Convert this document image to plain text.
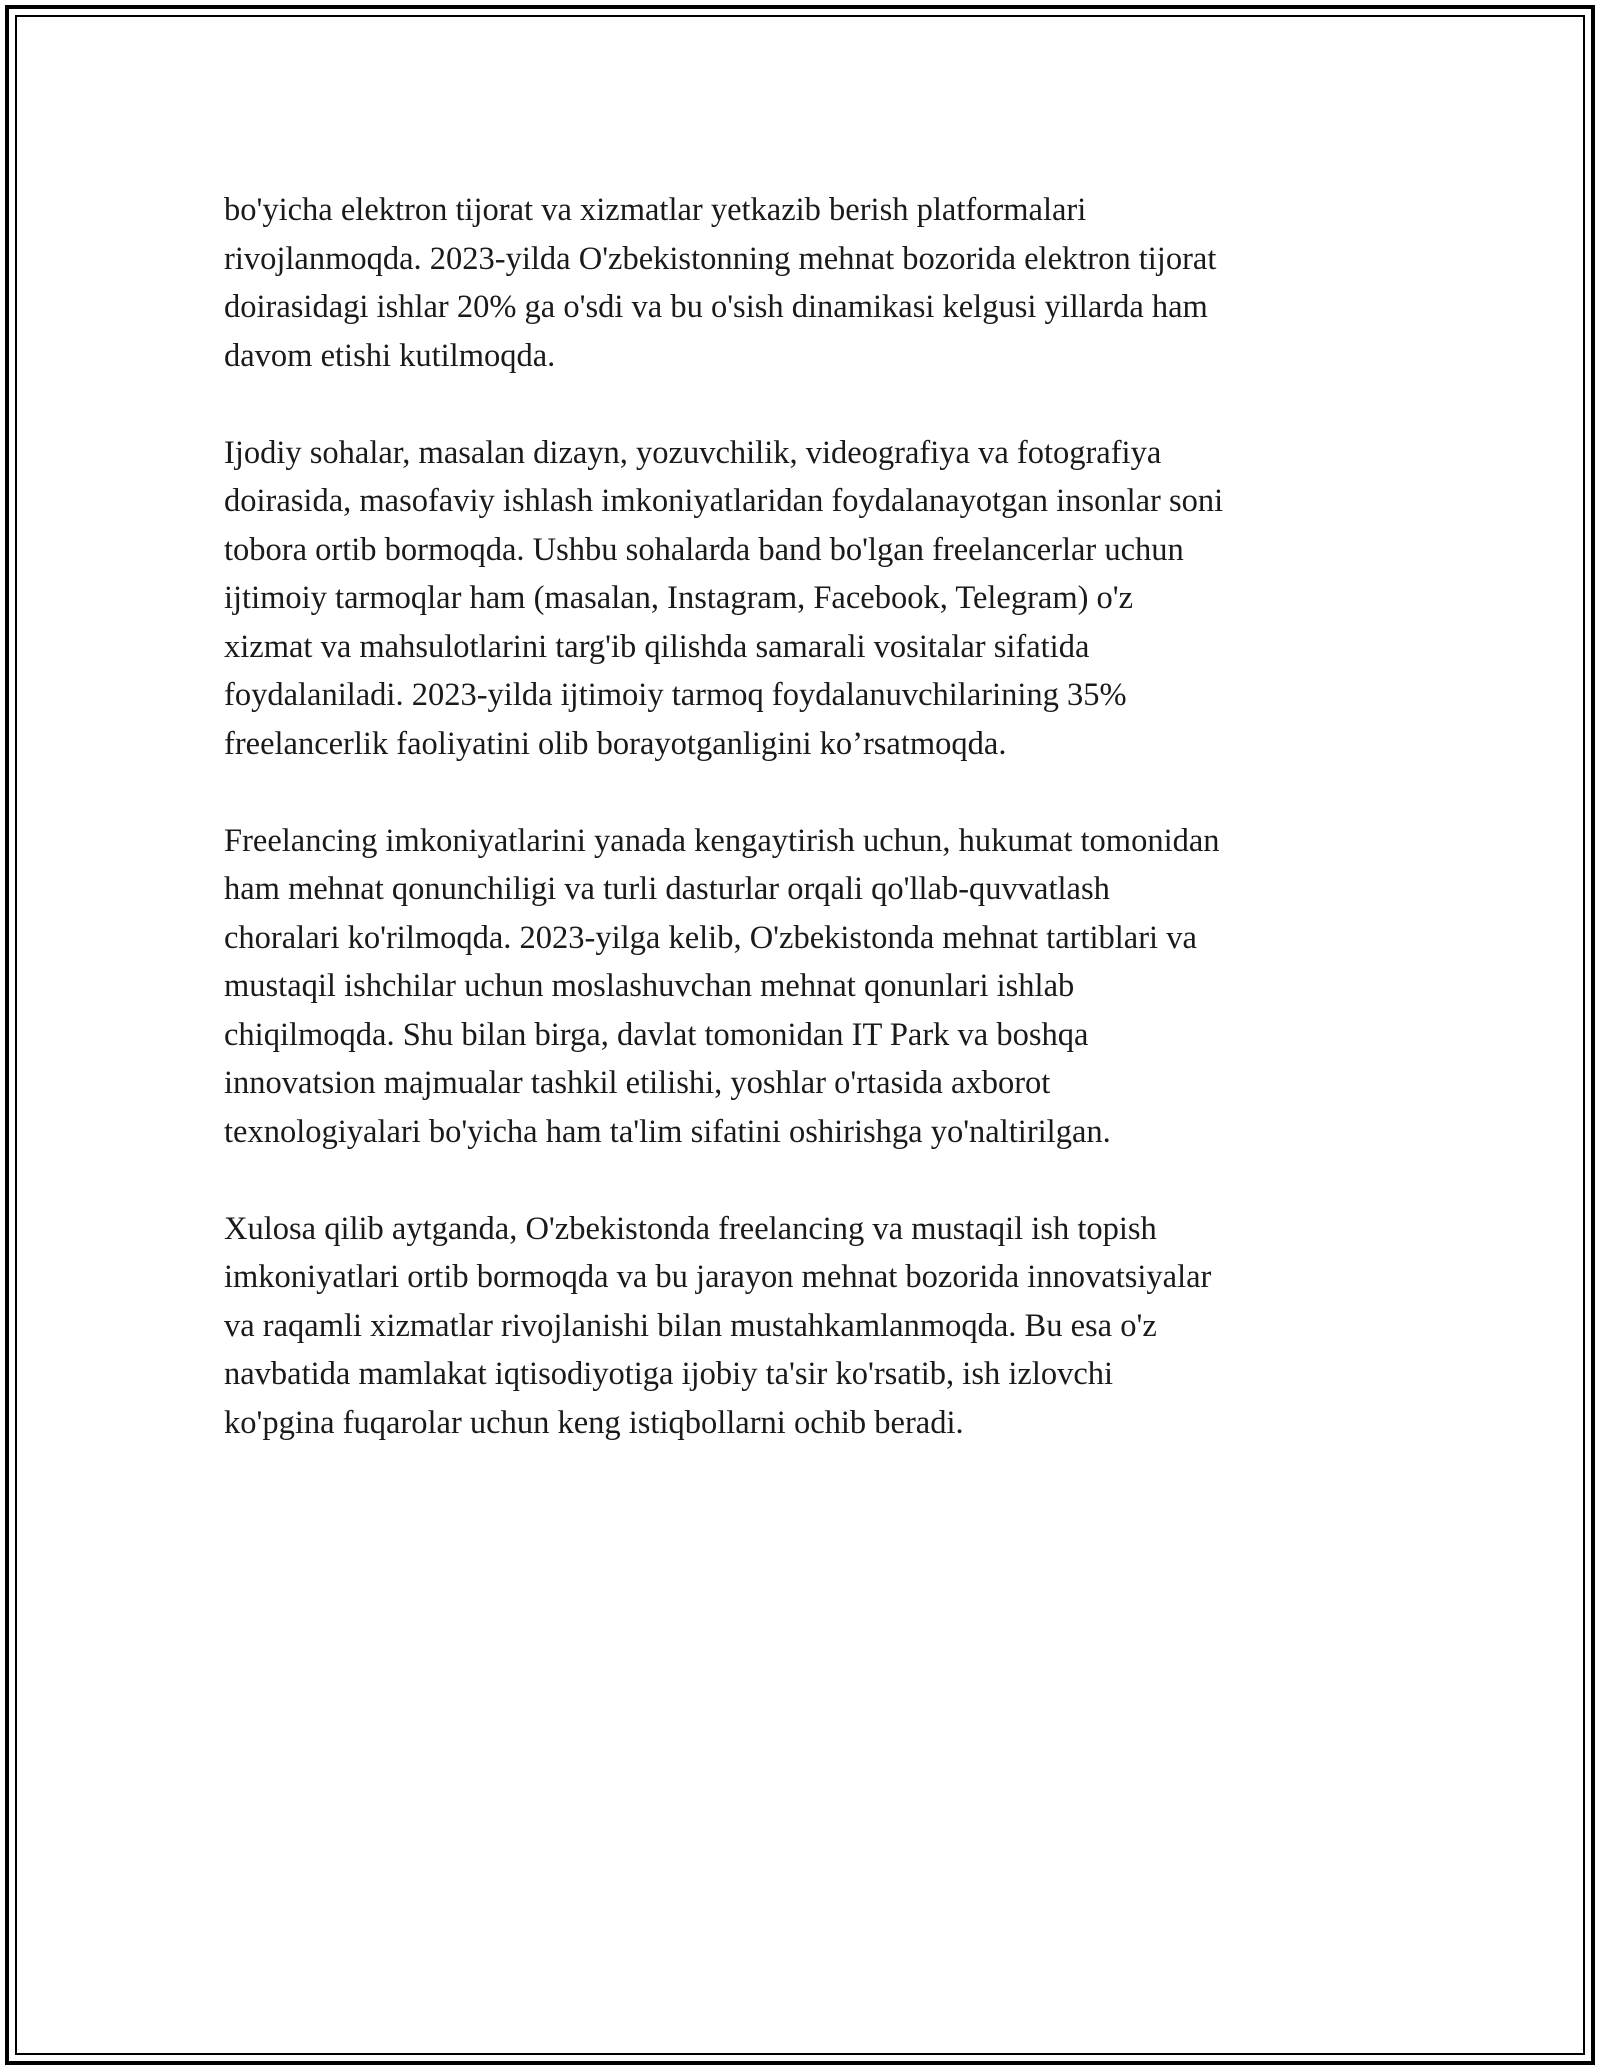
bo'yicha elektron tijorat va xizmatlar yetkazib berish platformalari
rivojlanmoqda. 2023-yilda O'zbekistonning mehnat bozorida elektron tijorat
doirasidagi ishlar 20% ga o'sdi va bu o'sish dinamikasi kelgusi yillarda ham
davom etishi kutilmoqda.
Ijodiy sohalar, masalan dizayn, yozuvchilik, videografiya va fotografiya
doirasida, masofaviy ishlash imkoniyatlaridan foydalanayotgan insonlar soni
tobora ortib bormoqda. Ushbu sohalarda band bo'lgan freelancerlar uchun
ijtimoiy tarmoqlar ham (masalan, Instagram, Facebook, Telegram) o'z
xizmat va mahsulotlarini targ'ib qilishda samarali vositalar sifatida
foydalaniladi. 2023-yilda ijtimoiy tarmoq foydalanuvchilarining 35%
freelancerlik faoliyatini olib borayotganligini ko’rsatmoqda.
Freelancing imkoniyatlarini yanada kengaytirish uchun, hukumat tomonidan
ham mehnat qonunchiligi va turli dasturlar orqali qo'llab-quvvatlash
choralari ko'rilmoqda. 2023-yilga kelib, O'zbekistonda mehnat tartiblari va
mustaqil ishchilar uchun moslashuvchan mehnat qonunlari ishlab
chiqilmoqda. Shu bilan birga, davlat tomonidan IT Park va boshqa
innovatsion majmualar tashkil etilishi, yoshlar o'rtasida axborot
texnologiyalari bo'yicha ham ta'lim sifatini oshirishga yo'naltirilgan.
Xulosa qilib aytganda, O'zbekistonda freelancing va mustaqil ish topish
imkoniyatlari ortib bormoqda va bu jarayon mehnat bozorida innovatsiyalar
va raqamli xizmatlar rivojlanishi bilan mustahkamlanmoqda. Bu esa o'z
navbatida mamlakat iqtisodiyotiga ijobiy ta'sir ko'rsatib, ish izlovchi
ko'pgina fuqarolar uchun keng istiqbollarni ochib beradi.
